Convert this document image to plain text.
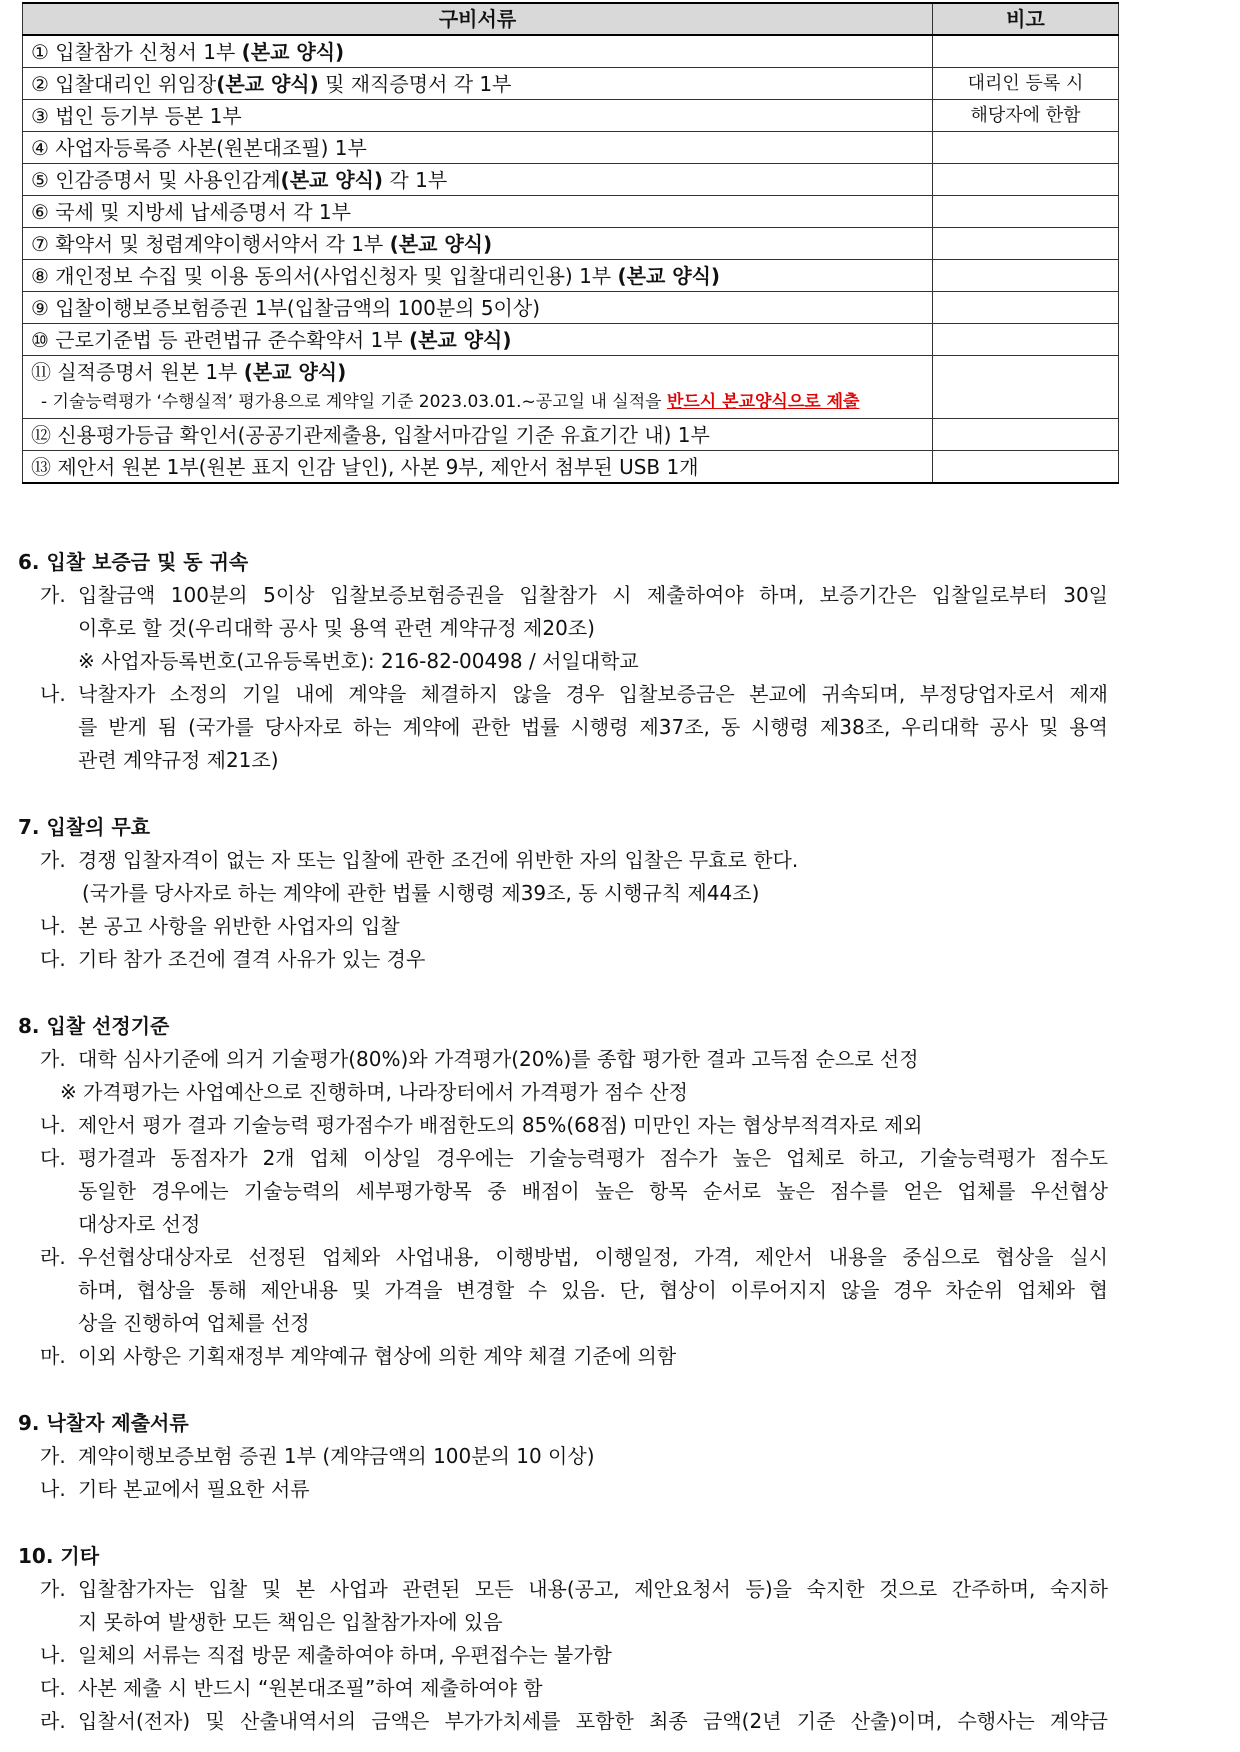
구비서류	비고
① 입찰참가 신청서 1부 (본교 양식)	
② 입찰대리인 위임장(본교 양식) 및 재직증명서 각 1부	대리인 등록 시
③ 법인 등기부 등본 1부	해당자에 한함
④ 사업자등록증 사본(원본대조필) 1부	
⑤ 인감증명서 및 사용인감계(본교 양식) 각 1부	
⑥ 국세 및 지방세 납세증명서 각 1부	
⑦ 확약서 및 청렴계약이행서약서 각 1부 (본교 양식)	
⑧ 개인정보 수집 및 이용 동의서(사업신청자 및 입찰대리인용) 1부 (본교 양식)	
⑨ 입찰이행보증보험증권 1부(입찰금액의 100분의 5이상)	
⑩ 근로기준법 등 관련법규 준수확약서 1부 (본교 양식)	

⑪ 실적증명서 원본 1부 (본교 양식)
- 기술능력평가 ‘수행실적’ 평가용으로 계약일 기준 2023.03.01.~공고일 내 실적을 반드시 본교양식으로 제출	

⑫ 신용평가등급 확인서(공공기관제출용, 입찰서마감일 기준 유효기간 내) 1부	
⑬ 제안서 원본 1부(원본 표지 인감 날인), 사본 9부, 제안서 첨부된 USB 1개	
6. 입찰 보증금 및 동 귀속
가. 입찰금액 100분의 5이상 입찰보증보험증권을 입찰참가 시 제출하여야 하며, 보증기간은 입찰일로부터 30일
이후로 할 것(우리대학 공사 및 용역 관련 계약규정 제20조)
※ 사업자등록번호(고유등록번호): 216-82-00498 / 서일대학교
나. 낙찰자가 소정의 기일 내에 계약을 체결하지 않을 경우 입찰보증금은 본교에 귀속되며, 부정당업자로서 제재
를 받게 됨 (국가를 당사자로 하는 계약에 관한 법률 시행령 제37조, 동 시행령 제38조, 우리대학 공사 및 용역
관련 계약규정 제21조)
7. 입찰의 무효
가. 경쟁 입찰자격이 없는 자 또는 입찰에 관한 조건에 위반한 자의 입찰은 무효로 한다.
(국가를 당사자로 하는 계약에 관한 법률 시행령 제39조, 동 시행규칙 제44조)
나. 본 공고 사항을 위반한 사업자의 입찰
다. 기타 참가 조건에 결격 사유가 있는 경우
8. 입찰 선정기준
가. 대학 심사기준에 의거 기술평가(80%)와 가격평가(20%)를 종합 평가한 결과 고득점 순으로 선정
※ 가격평가는 사업예산으로 진행하며, 나라장터에서 가격평가 점수 산정
나. 제안서 평가 결과 기술능력 평가점수가 배점한도의 85%(68점) 미만인 자는 협상부적격자로 제외
다. 평가결과 동점자가 2개 업체 이상일 경우에는 기술능력평가 점수가 높은 업체로 하고, 기술능력평가 점수도
동일한 경우에는 기술능력의 세부평가항목 중 배점이 높은 항목 순서로 높은 점수를 얻은 업체를 우선협상
대상자로 선정
라. 우선협상대상자로 선정된 업체와 사업내용, 이행방법, 이행일정, 가격, 제안서 내용을 중심으로 협상을 실시
하며, 협상을 통해 제안내용 및 가격을 변경할 수 있음. 단, 협상이 이루어지지 않을 경우 차순위 업체와 협
상을 진행하여 업체를 선정
마. 이외 사항은 기획재정부 계약예규 협상에 의한 계약 체결 기준에 의함
9. 낙찰자 제출서류
가. 계약이행보증보험 증권 1부 (계약금액의 100분의 10 이상)
나. 기타 본교에서 필요한 서류
10. 기타
가. 입찰참가자는 입찰 및 본 사업과 관련된 모든 내용(공고, 제안요청서 등)을 숙지한 것으로 간주하며, 숙지하
지 못하여 발생한 모든 책임은 입찰참가자에 있음
나. 일체의 서류는 직접 방문 제출하여야 하며, 우편접수는 불가함
다. 사본 제출 시 반드시 “원본대조필”하여 제출하여야 함
라. 입찰서(전자) 및 산출내역서의 금액은 부가가치세를 포함한 최종 금액(2년 기준 산출)이며, 수행사는 계약금
